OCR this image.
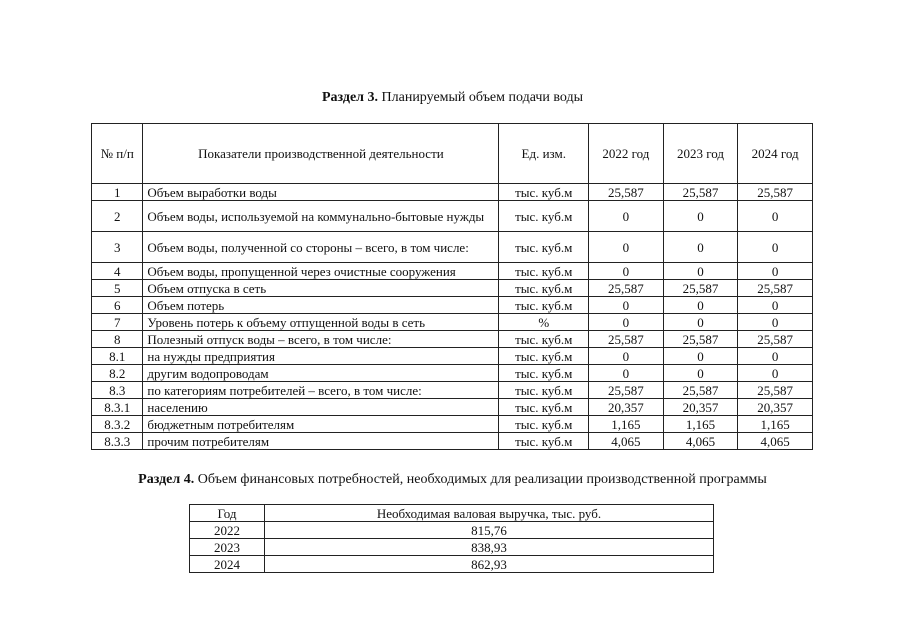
Раздел 3. Планируемый объем подачи воды
№ п/п	Показатели производственной деятельности	Ед. изм.	2022 год	2023 год	2024 год
1	Объем выработки воды	тыс. куб.м	25,587	25,587	25,587
2	Объем воды, используемой на коммунально-бытовые нужды	тыс. куб.м	0	0	0
3	Объем воды, полученной со стороны – всего, в том числе:	тыс. куб.м	0	0	0
4	Объем воды, пропущенной через очистные сооружения	тыс. куб.м	0	0	0
5	Объем отпуска в сеть	тыс. куб.м	25,587	25,587	25,587
6	Объем потерь	тыс. куб.м	0	0	0
7	Уровень потерь к объему отпущенной воды в сеть	%	0	0	0
8	Полезный отпуск воды – всего, в том числе:	тыс. куб.м	25,587	25,587	25,587
8.1	на нужды предприятия	тыс. куб.м	0	0	0
8.2	другим водопроводам	тыс. куб.м	0	0	0
8.3	по категориям потребителей – всего, в том числе:	тыс. куб.м	25,587	25,587	25,587
8.3.1	населению	тыс. куб.м	20,357	20,357	20,357
8.3.2	бюджетным потребителям	тыс. куб.м	1,165	1,165	1,165
8.3.3	прочим потребителям	тыс. куб.м	4,065	4,065	4,065
Раздел 4. Объем финансовых потребностей, необходимых для реализации производственной программы
Год	Необходимая валовая выручка, тыс. руб.
2022	815,76
2023	838,93
2024	862,93
